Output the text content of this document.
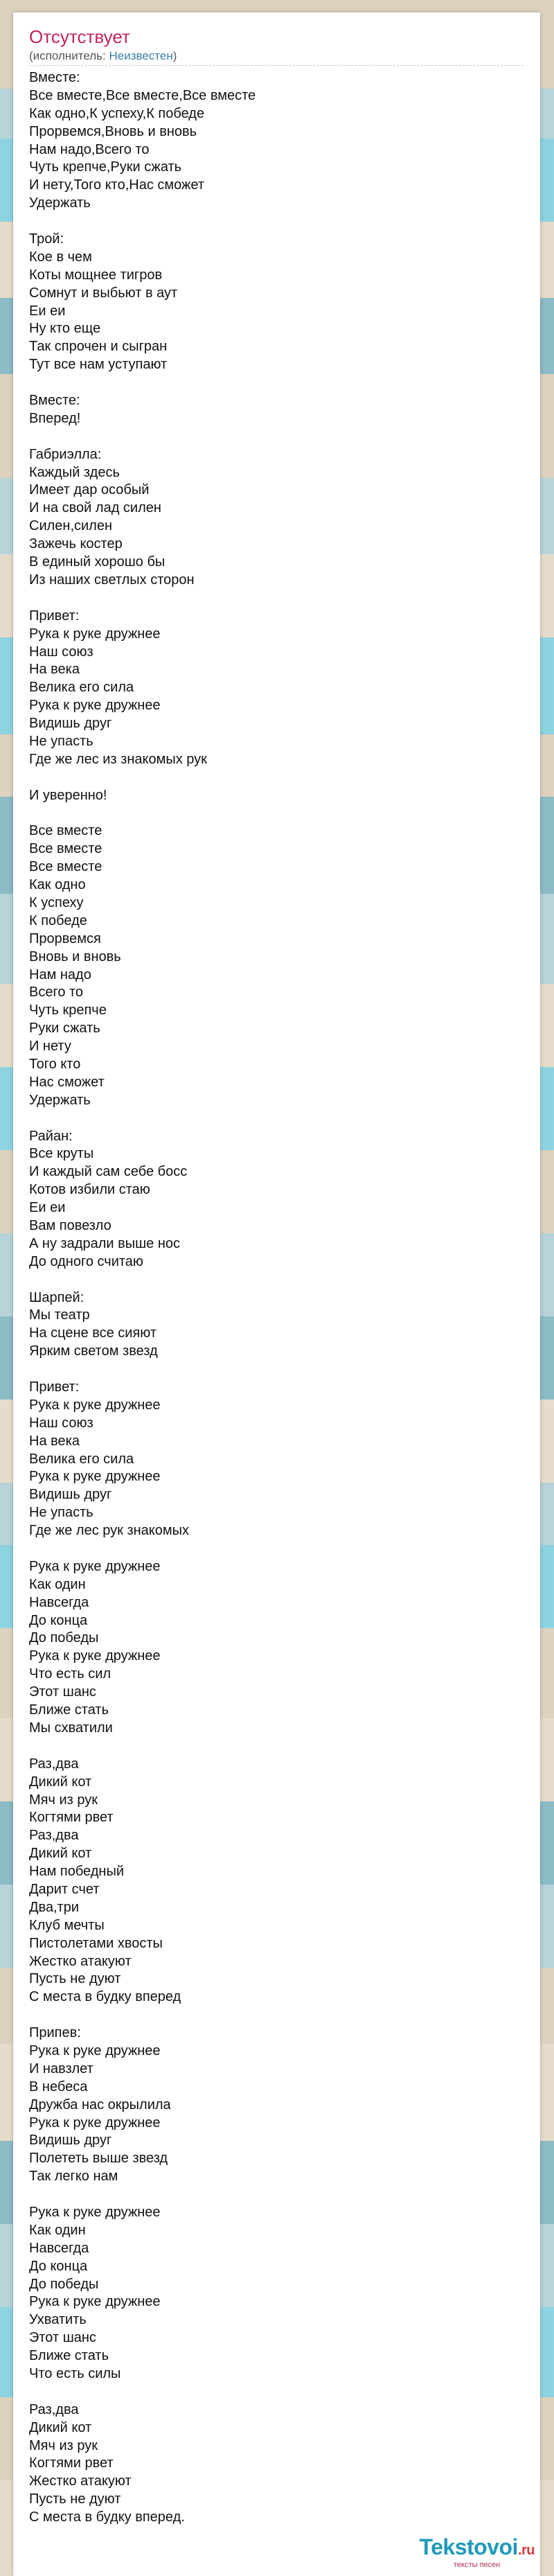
Отсутствует
(исполнитель: Неизвестен)
Вместе:
Все вместе,Все вместе,Все вместе
Как одно,К успеху,К победе
Прорвемся,Вновь и вновь
Нам надо,Всего то
Чуть крепче,Руки сжать
И нету,Того кто,Нас сможет
Удержать
Трой:
Кое в чем
Коты мощнее тигров
Сомнут и выбьют в аут
Еи еи
Ну кто еще
Так спрочен и сыгран
Тут все нам уступают
Вместе:
Вперед!
Габриэлла:
Каждый здесь
Имеет дар особый
И на свой лад силен
Силен,силен
Зажечь костер
В единый хорошо бы
Из наших светлых сторон
Привет:
Рука к руке дружнее
Наш союз
На века
Велика его сила
Рука к руке дружнее
Видишь друг
Не упасть
Где же лес из знакомых рук
И уверенно!
Все вместе
Все вместе
Все вместе
Как одно
К успеху
К победе
Прорвемся
Вновь и вновь
Нам надо
Всего то
Чуть крепче
Руки сжать
И нету
Того кто
Нас сможет
Удержать
Райан:
Все круты
И каждый сам себе босс
Котов избили стаю
Еи еи
Вам повезло
А ну задрали выше нос
До одного считаю
Шарпей:
Мы театр
На сцене все сияют
Ярким светом звезд
Привет:
Рука к руке дружнее
Наш союз
На века
Велика его сила
Рука к руке дружнее
Видишь друг
Не упасть
Где же лес рук знакомых
Рука к руке дружнее
Как один
Навсегда
До конца
До победы
Рука к руке дружнее
Что есть сил
Этот шанс
Ближе стать
Мы схватили
Раз,два
Дикий кот
Мяч из рук
Когтями рвет
Раз,два
Дикий кот
Нам победный
Дарит счет
Два,три
Клуб мечты
Пистолетами хвосты
Жестко атакуют
Пусть не дуют
С места в будку вперед
Припев:
Рука к руке дружнее
И навзлет
В небеса
Дружба нас окрылила
Рука к руке дружнее
Видишь друг
Полететь выше звезд
Так легко нам
Рука к руке дружнее
Как один
Навсегда
До конца
До победы
Рука к руке дружнее
Ухватить
Этот шанс
Ближе стать
Что есть силы
Раз,два
Дикий кот
Мяч из рук
Когтями рвет
Жестко атакуют
Пусть не дуют
С места в будку вперед.
Tekstovoi.ru
тексты песен
